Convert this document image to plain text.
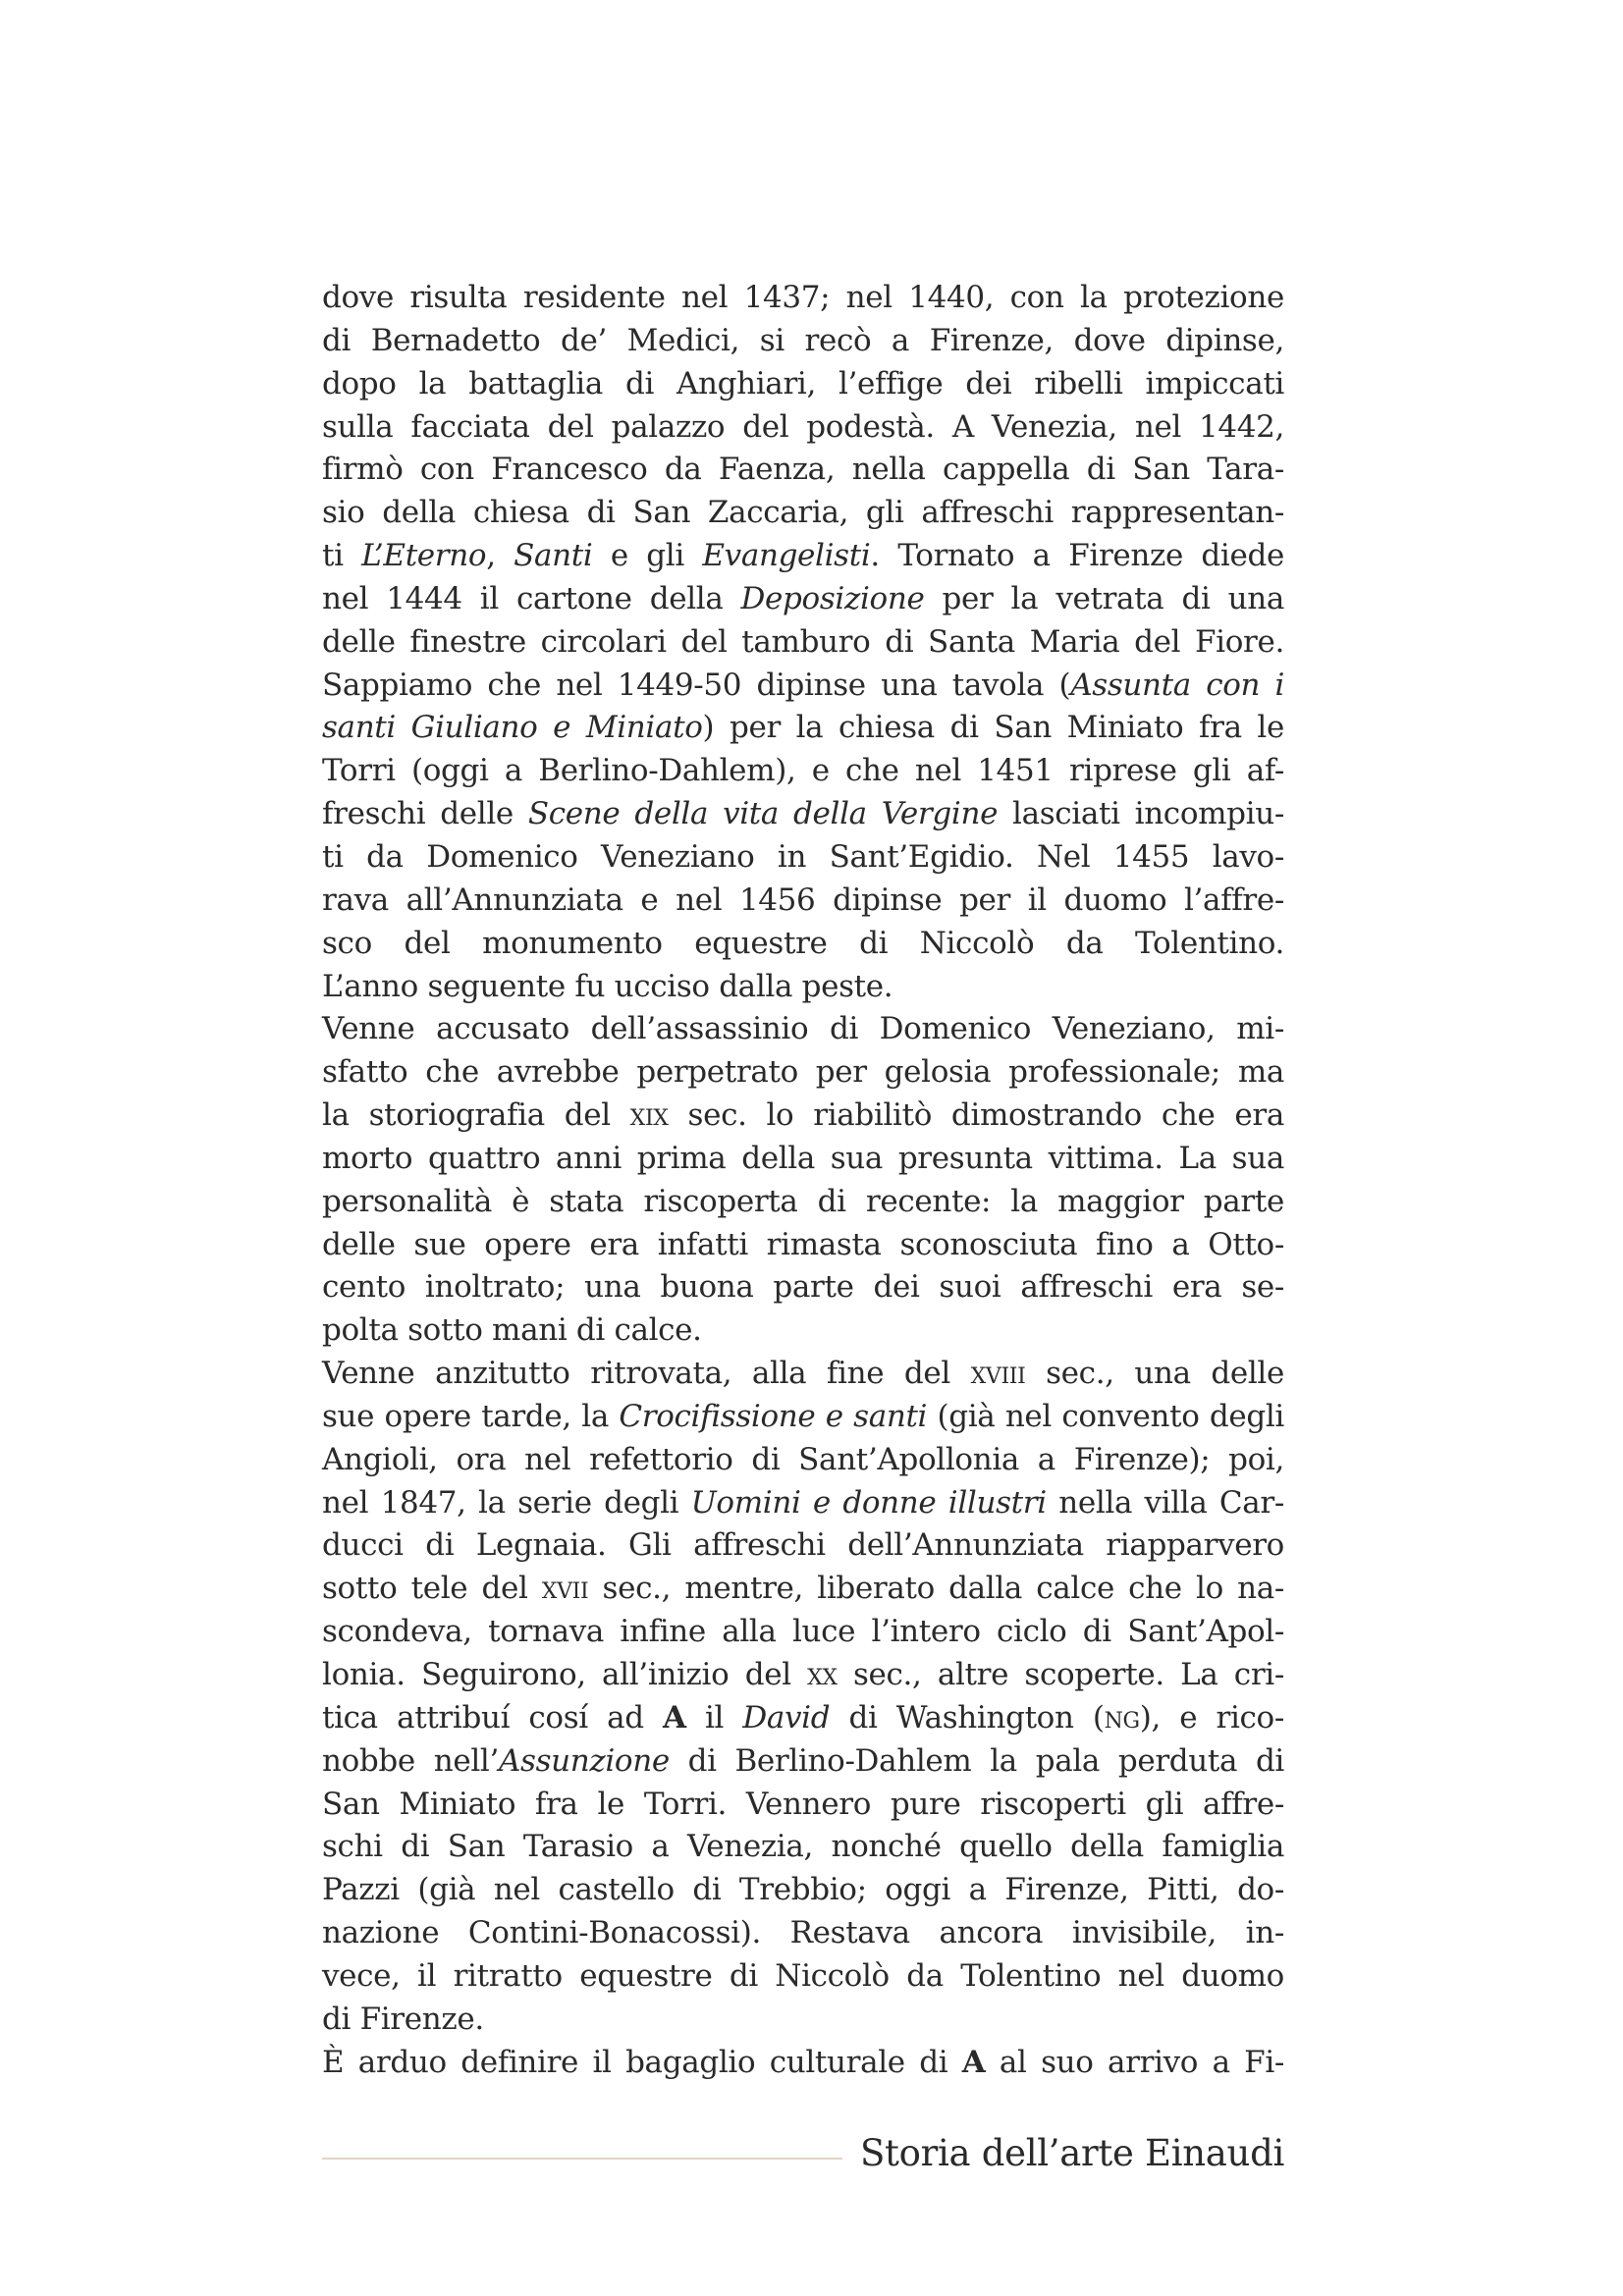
dove risulta residente nel 1437; nel 1440, con la protezione
di Bernadetto de’ Medici, si recò a Firenze, dove dipinse,
dopo la battaglia di Anghiari, l’effige dei ribelli impiccati
sulla facciata del palazzo del podestà. A Venezia, nel 1442,
firmò con Francesco da Faenza, nella cappella di San Tara-
sio della chiesa di San Zaccaria, gli affreschi rappresentan-
ti L’Eterno, Santi e gli Evangelisti. Tornato a Firenze diede
nel 1444 il cartone della Deposizione per la vetrata di una
delle finestre circolari del tamburo di Santa Maria del Fiore.
Sappiamo che nel 1449-50 dipinse una tavola (Assunta con i
santi Giuliano e Miniato) per la chiesa di San Miniato fra le
Torri (oggi a Berlino-Dahlem), e che nel 1451 riprese gli af-
freschi delle Scene della vita della Vergine lasciati incompiu-
ti da Domenico Veneziano in Sant’Egidio. Nel 1455 lavo-
rava all’Annunziata e nel 1456 dipinse per il duomo l’affre-
sco del monumento equestre di Niccolò da Tolentino.
L’anno seguente fu ucciso dalla peste.
Venne accusato dell’assassinio di Domenico Veneziano, mi-
sfatto che avrebbe perpetrato per gelosia professionale; ma
la storiografia del xix sec. lo riabilitò dimostrando che era
morto quattro anni prima della sua presunta vittima. La sua
personalità è stata riscoperta di recente: la maggior parte
delle sue opere era infatti rimasta sconosciuta fino a Otto-
cento inoltrato; una buona parte dei suoi affreschi era se-
polta sotto mani di calce.
Venne anzitutto ritrovata, alla fine del xviii sec., una delle
sue opere tarde, la Crocifissione e santi (già nel convento degli
Angioli, ora nel refettorio di Sant’Apollonia a Firenze); poi,
nel 1847, la serie degli Uomini e donne illustri nella villa Car-
ducci di Legnaia. Gli affreschi dell’Annunziata riapparvero
sotto tele del xvii sec., mentre, liberato dalla calce che lo na-
scondeva, tornava infine alla luce l’intero ciclo di Sant’Apol-
lonia. Seguirono, all’inizio del xx sec., altre scoperte. La cri-
tica attribuí cosí ad A il David di Washington (ng), e rico-
nobbe nell’Assunzione di Berlino-Dahlem la pala perduta di
San Miniato fra le Torri. Vennero pure riscoperti gli affre-
schi di San Tarasio a Venezia, nonché quello della famiglia
Pazzi (già nel castello di Trebbio; oggi a Firenze, Pitti, do-
nazione Contini-Bonacossi). Restava ancora invisibile, in-
vece, il ritratto equestre di Niccolò da Tolentino nel duomo
di Firenze.
È arduo definire il bagaglio culturale di A al suo arrivo a Fi-
Storia dell’arte Einaudi
